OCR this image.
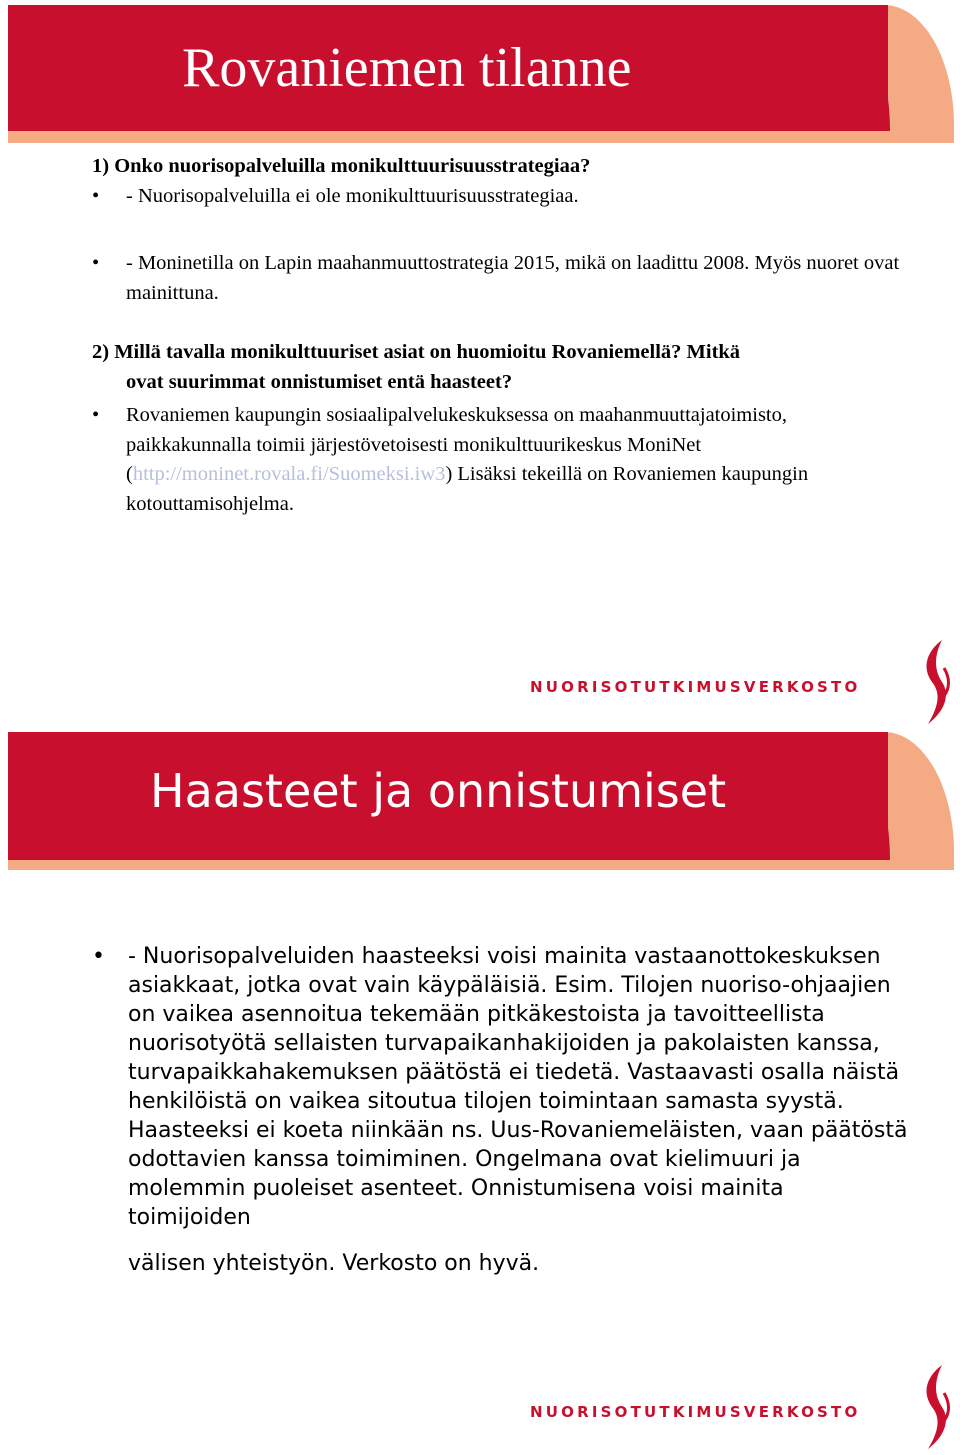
Rovaniemen tilanne

1) Onko nuorisopalveluilla monikulttuurisuusstrategiaa?

• - Nuorisopalveluilla ei ole monikulttuurisuusstrategiaa.
• - Moninetilla on Lapin maahanmuuttostrategia 2015, mikä on laadittu 2008. Myös nuoret ovat mainittuna.

2) Millä tavalla monikulttuuriset asiat on huomioitu Rovaniemellä? Mitkä
ovat suurimmat onnistumiset entä haasteet?

• Rovaniemen kaupungin sosiaalipalvelukeskuksessa on maahanmuuttajatoimisto, paikkakunnalla toimii järjestövetoisesti monikulttuurikeskus MoniNet (http://moninet.rovala.fi/Suomeksi.iw3) Lisäksi tekeillä on Rovaniemen kaupungin kotouttamisohjelma.
NUORISOTUTKIMUSVERKOSTO
Haasteet ja onnistumiset
• - Nuorisopalveluiden haasteeksi voisi mainita vastaanottokeskuksen asiakkaat, jotka ovat vain käypäläisiä. Esim. Tilojen nuoriso-ohjaajien on vaikea asennoitua tekemään pitkäkestoista ja tavoitteellista nuorisotyötä sellaisten turvapaikanhakijoiden ja pakolaisten kanssa, turvapaikkahakemuksen päätöstä ei tiedetä. Vastaavasti osalla näistä henkilöistä on vaikea sitoutua tilojen toimintaan samasta syystä. Haasteeksi ei koeta niinkään ns. Uus-Rovaniemeläisten, vaan päätöstä odottavien kanssa toimiminen. Ongelmana ovat kielimuuri ja molemmin puoleiset asenteet. Onnistumisena voisi mainita toimijoiden

välisen yhteistyön. Verkosto on hyvä.

NUORISOTUTKIMUSVERKOSTO
